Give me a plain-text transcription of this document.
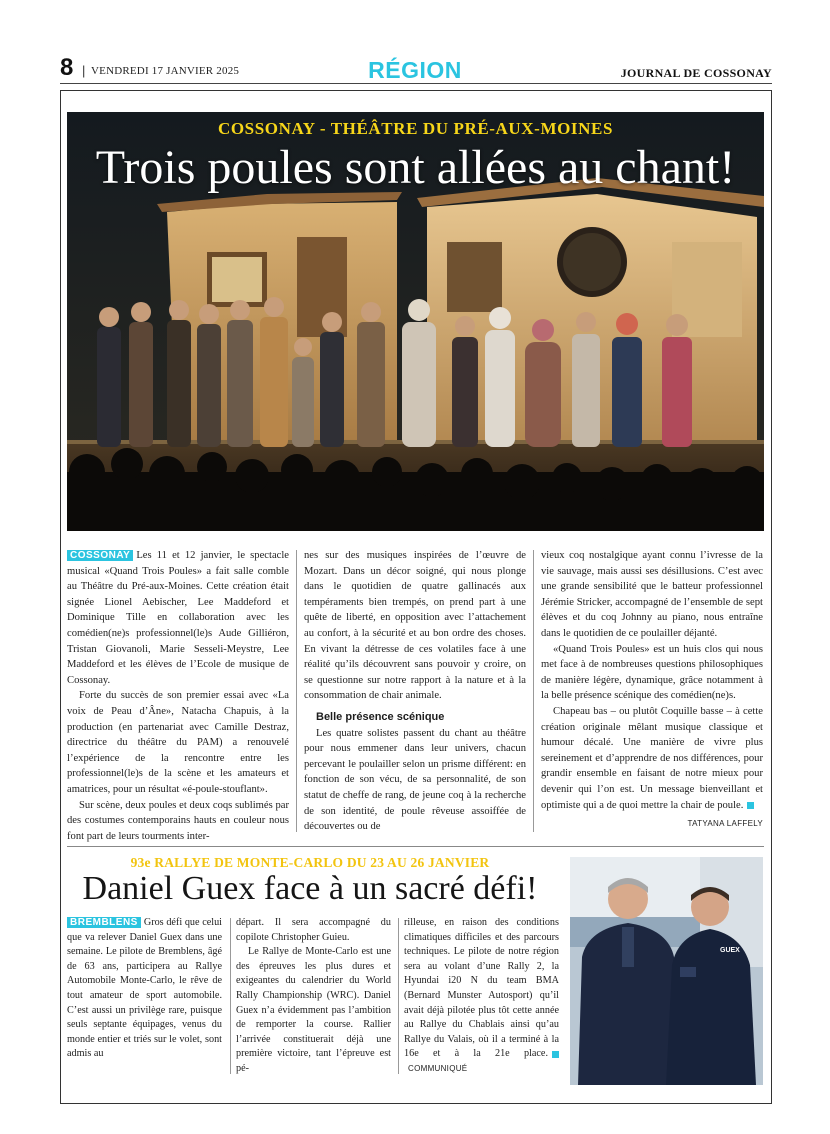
8 | VENDREDI 17 JANVIER 2025	RÉGION	JOURNAL DE COSSONAY
COSSONAY - THÉÂTRE DU PRÉ-AUX-MOINES
Trois poules sont allées au chant!

COSSONAY Les 11 et 12 janvier, le spectacle musical «Quand Trois Poules» a fait salle comble au Théâtre du Pré-aux-Moines. Cette création était signée Lionel Aebischer, Lee Maddeford et Dominique Tille en collaboration avec les comédien(ne)s professionnel(le)s Aude Gilliéron, Tristan Giovanoli, Marie Sesseli-Meystre, Lee Maddeford et les élèves de l’Ecole de musique de Cossonay.

Forte du succès de son premier essai avec «La voix de Peau d’Âne», Natacha Chapuis, à la production (en partenariat avec Camille Destraz, directrice du théâtre du PAM) a renouvelé l’expérience de la rencontre entre les professionnel(le)s de la scène et les amateurs et amatrices, pour un résultat «é-poule-stouflant».

Sur scène, deux poules et deux coqs sublimés par des costumes contemporains hauts en couleur nous font part de leurs tourments inter-

nes sur des musiques inspirées de l’œuvre de Mozart. Dans un décor soigné, qui nous plonge dans le quotidien de quatre gallinacés aux tempéraments bien trempés, on prend part à une quête de liberté, en opposition avec l’attachement au confort, à la sécurité et au bon ordre des choses. En vivant la détresse de ces volatiles face à une réalité qu’ils découvrent sans pouvoir y croire, on se questionne sur notre rapport à la nature et à la consommation de chair animale.

Belle présence scénique

Les quatre solistes passent du chant au théâtre pour nous emmener dans leur univers, chacun percevant le poulailler selon un prisme différent: en fonction de son vécu, de sa personnalité, de son statut de cheffe de rang, de jeune coq à la recherche de son identité, de poule rêveuse assoiffée de découvertes ou de

vieux coq nostalgique ayant connu l’ivresse de la vie sauvage, mais aussi ses désillusions. C’est avec une grande sensibilité que le batteur professionnel Jérémie Stricker, accompagné de l’ensemble de sept élèves et du coq Johnny au piano, nous entraîne dans le quotidien de ce poulailler déjanté.

«Quand Trois Poules» est un huis clos qui nous met face à de nombreuses questions philosophiques de manière légère, dynamique, grâce notamment à la belle présence scénique des comédien(ne)s.

Chapeau bas – ou plutôt Coquille basse – à cette création originale mêlant musique classique et humour décalé. Une manière de vivre plus sereinement et d’apprendre de nos différences, pour grandir ensemble en faisant de notre mieux pour devenir qui l’on est. Un message bienveillant et optimiste qui a de quoi mettre la chair de poule.
TATYANA LAFFELY

93e RALLYE DE MONTE-CARLO DU 23 AU 26 JANVIER
Daniel Guex face à un sacré défi!

BREMBLENS Gros défi que celui que va relever Daniel Guex dans une semaine. Le pilote de Bremblens, âgé de 63 ans, participera au Rallye Automobile Monte-Carlo, le rêve de tout amateur de sport automobile. C’est aussi un privilège rare, puisque seuls septante équipages, venus du monde entier et triés sur le volet, sont admis au

départ. Il sera accompagné du copilote Christopher Guieu.

Le Rallye de Monte-Carlo est une des épreuves les plus dures et exigeantes du calendrier du World Rally Championship (WRC). Daniel Guex n’a évidemment pas l’ambition de remporter la course. Rallier l’arrivée constituerait déjà une première victoire, tant l’épreuve est pé-

rilleuse, en raison des conditions climatiques difficiles et des parcours techniques. Le pilote de notre région sera au volant d’une Rally 2, la Hyundai i20 N du team BMA (Bernard Munster Autosport) qu’il avait déjà pilotée plus tôt cette année au Rallye du Chablais ainsi qu’au Rallye du Valais, où il a terminé à la 16e et à la 21e place.COMMUNIQUÉ

GUEX
